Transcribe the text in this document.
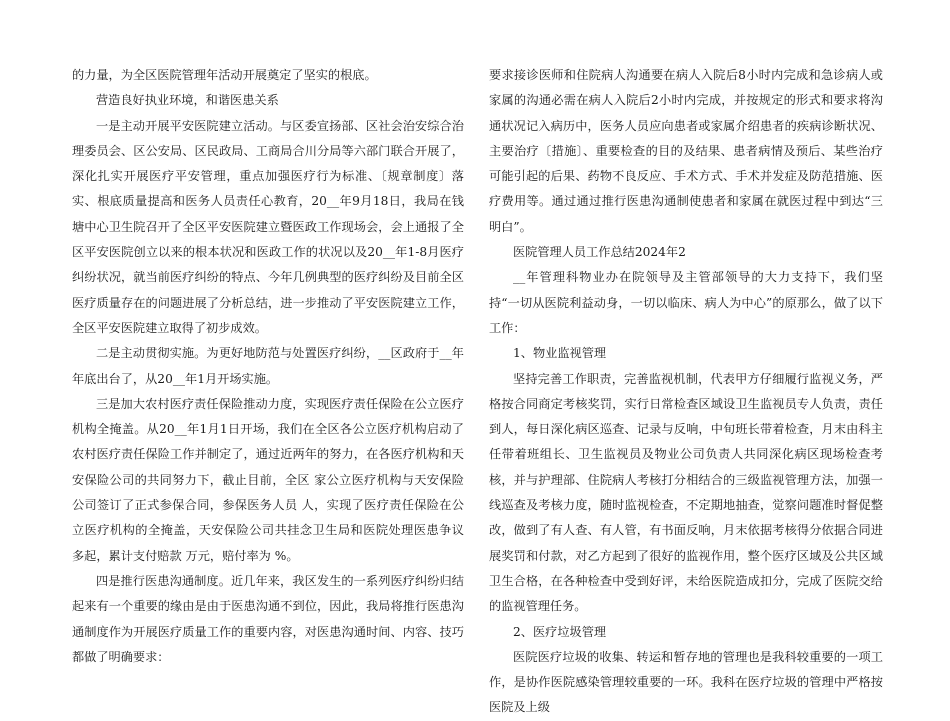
的力量，为全区医院管理年活动开展奠定了坚实的根底。

营造良好执业环境，和谐医患关系

一是主动开展平安医院建立活动。与区委宣扬部、区社会治安综合治理委员会、区公安局、区民政局、工商局合川分局等六部门联合开展了，深化扎实开展医疗平安管理，重点加强医疗行为标准、〔规章制度〕落实、根底质量提高和医务人员责任心教育，20__年9月18日，我局在钱塘中心卫生院召开了全区平安医院建立暨医政工作现场会，会上通报了全区平安医院创立以来的根本状况和医政工作的状况以及20__年1-8月医疗纠纷状况，就当前医疗纠纷的特点、今年几例典型的医疗纠纷及目前全区医疗质量存在的问题进展了分析总结，进一步推动了平安医院建立工作，全区平安医院建立取得了初步成效。

二是主动贯彻实施。为更好地防范与处置医疗纠纷，__区政府于__年年底出台了，从20__年1月开场实施。

三是加大农村医疗责任保险推动力度，实现医疗责任保险在公立医疗机构全掩盖。从20__年1月1日开场，我们在全区各公立医疗机构启动了农村医疗责任保险工作并制定了，通过近两年的努力，在各医疗机构和天安保险公司的共同努力下，截止目前，全区 家公立医疗机构与天安保险公司签订了正式参保合同，参保医务人员 人，实现了医疗责任保险在公立医疗机构的全掩盖，天安保险公司共挂念卫生局和医院处理医患争议 多起，累计支付赔款 万元，赔付率为 %。

四是推行医患沟通制度。近几年来，我区发生的一系列医疗纠纷归结起来有一个重要的缘由是由于医患沟通不到位，因此，我局将推行医患沟通制度作为开展医疗质量工作的重要内容，对医患沟通时间、内容、技巧都做了明确要求：

要求接诊医师和住院病人沟通要在病人入院后8小时内完成和急诊病人或家属的沟通必需在病人入院后2小时内完成，并按规定的形式和要求将沟通状况记入病历中，医务人员应向患者或家属介绍患者的疾病诊断状况、主要治疗〔措施〕、重要检查的目的及结果、患者病情及预后、某些治疗可能引起的后果、药物不良反应、手术方式、手术并发症及防范措施、医疗费用等。通过通过推行医患沟通制使患者和家属在就医过程中到达“三明白”。

医院管理人员工作总结2024年2

__年管理科物业办在院领导及主管部领导的大力支持下，我们坚持“一切从医院利益动身，一切以临床、病人为中心”的原那么，做了以下工作：

1、物业监视管理

坚持完善工作职责，完善监视机制，代表甲方仔细履行监视义务，严格按合同商定考核奖罚，实行日常检查区域设卫生监视员专人负责，责任到人，每日深化病区巡查、记录与反响，中旬班长带着检查，月末由科主任带着班组长、卫生监视员及物业公司负责人共同深化病区现场检查考核，并与护理部、住院病人考核打分相结合的三级监视管理方法，加强一线巡查及考核力度，随时监视检查，不定期地抽查，觉察问题准时督促整改，做到了有人查、有人管，有书面反响，月末依据考核得分依据合同进展奖罚和付款，对乙方起到了很好的监视作用，整个医疗区域及公共区域卫生合格，在各种检查中受到好评，未给医院造成扣分，完成了医院交给的监视管理任务。

2、医疗垃圾管理

医院医疗垃圾的收集、转运和暂存地的管理也是我科较重要的一项工作，是协作医院感染管理较重要的一环。我科在医疗垃圾的管理中严格按医院及上级
